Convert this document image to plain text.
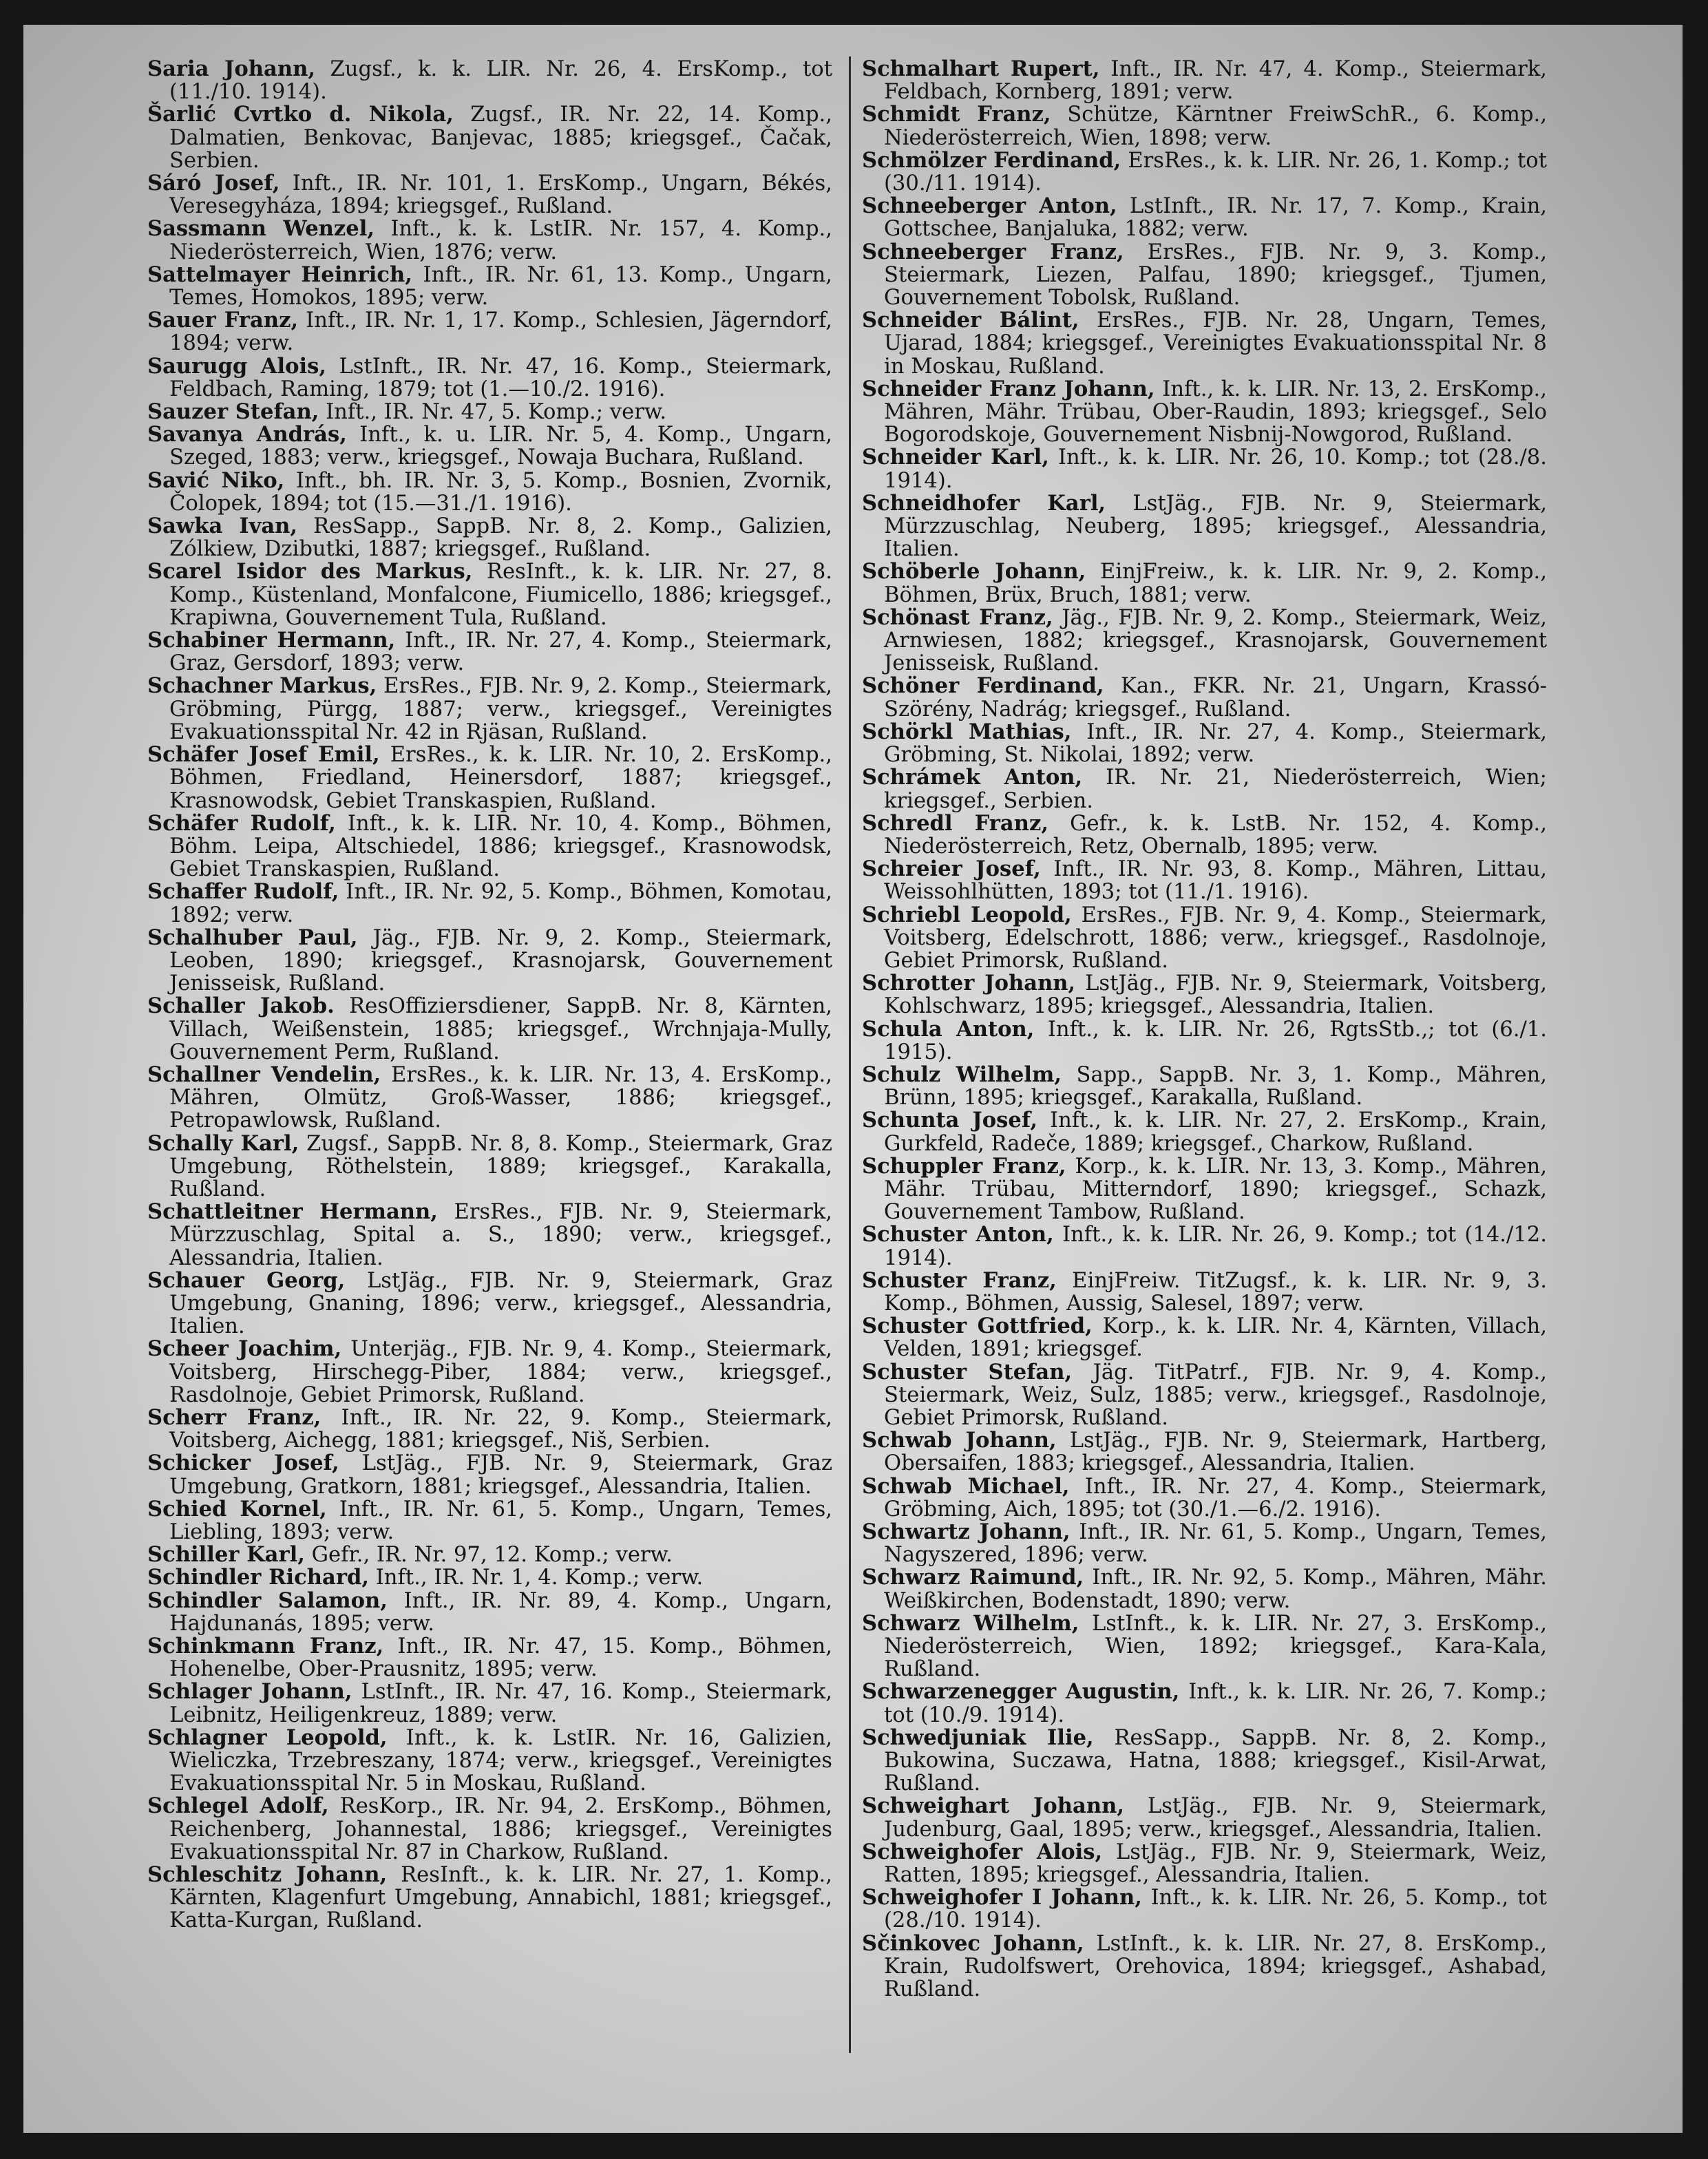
Saria Johann, Zugsf., k. k. LIR. Nr. 26, 4. ErsKomp., tot (11./10. 1914).

Šarlić Cvrtko d. Nikola, Zugsf., IR. Nr. 22, 14. Komp., Dalmatien, Benkovac, Banjevac, 1885; kriegsgef., Čačak, Serbien.

Sáró Josef, Inft., IR. Nr. 101, 1. ErsKomp., Ungarn, Békés, Veresegyháza, 1894; kriegsgef., Rußland.

Sassmann Wenzel, Inft., k. k. LstIR. Nr. 157, 4. Komp., Niederösterreich, Wien, 1876; verw.

Sattelmayer Heinrich, Inft., IR. Nr. 61, 13. Komp., Ungarn, Temes, Homokos, 1895; verw.

Sauer Franz, Inft., IR. Nr. 1, 17. Komp., Schlesien, Jägerndorf, 1894; verw.

Saurugg Alois, LstInft., IR. Nr. 47, 16. Komp., Steiermark, Feldbach, Raming, 1879; tot (1.—10./2. 1916).

Sauzer Stefan, Inft., IR. Nr. 47, 5. Komp.; verw.

Savanya András, Inft., k. u. LIR. Nr. 5, 4. Komp., Ungarn, Szeged, 1883; verw., kriegsgef., Nowaja Buchara, Rußland.

Savić Niko, Inft., bh. IR. Nr. 3, 5. Komp., Bosnien, Zvornik, Čolopek, 1894; tot (15.—31./1. 1916).

Sawka Ivan, ResSapp., SappB. Nr. 8, 2. Komp., Galizien, Zólkiew, Dzibutki, 1887; kriegsgef., Rußland.

Scarel Isidor des Markus, ResInft., k. k. LIR. Nr. 27, 8. Komp., Küstenland, Monfalcone, Fiumicello, 1886; kriegsgef., Krapiwna, Gouvernement Tula, Rußland.

Schabiner Hermann, Inft., IR. Nr. 27, 4. Komp., Steiermark, Graz, Gersdorf, 1893; verw.

Schachner Markus, ErsRes., FJB. Nr. 9, 2. Komp., Steiermark, Gröbming, Pürgg, 1887; verw., kriegsgef., Vereinigtes Evakuationsspital Nr. 42 in Rjäsan, Rußland.

Schäfer Josef Emil, ErsRes., k. k. LIR. Nr. 10, 2. ErsKomp., Böhmen, Friedland, Heinersdorf, 1887; kriegsgef., Krasnowodsk, Gebiet Transkaspien, Rußland.

Schäfer Rudolf, Inft., k. k. LIR. Nr. 10, 4. Komp., Böhmen, Böhm. Leipa, Altschiedel, 1886; kriegsgef., Krasnowodsk, Gebiet Transkaspien, Rußland.

Schaffer Rudolf, Inft., IR. Nr. 92, 5. Komp., Böhmen, Komotau, 1892; verw.

Schalhuber Paul, Jäg., FJB. Nr. 9, 2. Komp., Steiermark, Leoben, 1890; kriegsgef., Krasnojarsk, Gouvernement Jenisseisk, Rußland.

Schaller Jakob. ResOffiziersdiener, SappB. Nr. 8, Kärnten, Villach, Weißenstein, 1885; kriegsgef., Wrchnjaja-Mully, Gouvernement Perm, Rußland.

Schallner Vendelin, ErsRes., k. k. LIR. Nr. 13, 4. ErsKomp., Mähren, Olmütz, Groß-Wasser, 1886; kriegsgef., Petropawlowsk, Rußland.

Schally Karl, Zugsf., SappB. Nr. 8, 8. Komp., Steiermark, Graz Umgebung, Röthelstein, 1889; kriegsgef., Karakalla, Rußland.

Schattleitner Hermann, ErsRes., FJB. Nr. 9, Steiermark, Mürzzuschlag, Spital a. S., 1890; verw., kriegsgef., Alessandria, Italien.

Schauer Georg, LstJäg., FJB. Nr. 9, Steiermark, Graz Umgebung, Gnaning, 1896; verw., kriegsgef., Alessandria, Italien.

Scheer Joachim, Unterjäg., FJB. Nr. 9, 4. Komp., Steiermark, Voitsberg, Hirschegg-Piber, 1884; verw., kriegsgef., Rasdolnoje, Gebiet Primorsk, Rußland.

Scherr Franz, Inft., IR. Nr. 22, 9. Komp., Steiermark, Voitsberg, Aichegg, 1881; kriegsgef., Niš, Serbien.

Schicker Josef, LstJäg., FJB. Nr. 9, Steiermark, Graz Umgebung, Gratkorn, 1881; kriegsgef., Alessandria, Italien.

Schied Kornel, Inft., IR. Nr. 61, 5. Komp., Ungarn, Temes, Liebling, 1893; verw.

Schiller Karl, Gefr., IR. Nr. 97, 12. Komp.; verw.

Schindler Richard, Inft., IR. Nr. 1, 4. Komp.; verw.

Schindler Salamon, Inft., IR. Nr. 89, 4. Komp., Ungarn, Hajdunanás, 1895; verw.

Schinkmann Franz, Inft., IR. Nr. 47, 15. Komp., Böhmen, Hohenelbe, Ober-Prausnitz, 1895; verw.

Schlager Johann, LstInft., IR. Nr. 47, 16. Komp., Steiermark, Leibnitz, Heiligenkreuz, 1889; verw.

Schlagner Leopold, Inft., k. k. LstIR. Nr. 16, Galizien, Wieliczka, Trzebreszany, 1874; verw., kriegsgef., Vereinigtes Evakuationsspital Nr. 5 in Moskau, Rußland.

Schlegel Adolf, ResKorp., IR. Nr. 94, 2. ErsKomp., Böhmen, Reichenberg, Johannestal, 1886; kriegsgef., Vereinigtes Evakuationsspital Nr. 87 in Charkow, Rußland.

Schleschitz Johann, ResInft., k. k. LIR. Nr. 27, 1. Komp., Kärnten, Klagenfurt Umgebung, Annabichl, 1881; kriegsgef., Katta-Kurgan, Rußland.

Schmalhart Rupert, Inft., IR. Nr. 47, 4. Komp., Steiermark, Feldbach, Kornberg, 1891; verw.

Schmidt Franz, Schütze, Kärntner FreiwSchR., 6. Komp., Niederösterreich, Wien, 1898; verw.

Schmölzer Ferdinand, ErsRes., k. k. LIR. Nr. 26, 1. Komp.; tot (30./11. 1914).

Schneeberger Anton, LstInft., IR. Nr. 17, 7. Komp., Krain, Gottschee, Banjaluka, 1882; verw.

Schneeberger Franz, ErsRes., FJB. Nr. 9, 3. Komp., Steiermark, Liezen, Palfau, 1890; kriegsgef., Tjumen, Gouvernement Tobolsk, Rußland.

Schneider Bálint, ErsRes., FJB. Nr. 28, Ungarn, Temes, Ujarad, 1884; kriegsgef., Vereinigtes Evakuationsspital Nr. 8 in Moskau, Rußland.

Schneider Franz Johann, Inft., k. k. LIR. Nr. 13, 2. ErsKomp., Mähren, Mähr. Trübau, Ober-Raudin, 1893; kriegsgef., Selo Bogorodskoje, Gouvernement Nisbnij-Nowgorod, Rußland.

Schneider Karl, Inft., k. k. LIR. Nr. 26, 10. Komp.; tot (28./8. 1914).

Schneidhofer Karl, LstJäg., FJB. Nr. 9, Steiermark, Mürzzuschlag, Neuberg, 1895; kriegsgef., Alessandria, Italien.

Schöberle Johann, EinjFreiw., k. k. LIR. Nr. 9, 2. Komp., Böhmen, Brüx, Bruch, 1881; verw.

Schönast Franz, Jäg., FJB. Nr. 9, 2. Komp., Steiermark, Weiz, Arnwiesen, 1882; kriegsgef., Krasnojarsk, Gouvernement Jenisseisk, Rußland.

Schöner Ferdinand, Kan., FKR. Nr. 21, Ungarn, Krassó-Szörény, Nadrág; kriegsgef., Rußland.

Schörkl Mathias, Inft., IR. Nr. 27, 4. Komp., Steiermark, Gröbming, St. Nikolai, 1892; verw.

Schrámek Anton, IR. Nr. 21, Niederösterreich, Wien; kriegsgef., Serbien.

Schredl Franz, Gefr., k. k. LstB. Nr. 152, 4. Komp., Niederösterreich, Retz, Obernalb, 1895; verw.

Schreier Josef, Inft., IR. Nr. 93, 8. Komp., Mähren, Littau, Weissohlhütten, 1893; tot (11./1. 1916).

Schriebl Leopold, ErsRes., FJB. Nr. 9, 4. Komp., Steiermark, Voitsberg, Edelschrott, 1886; verw., kriegsgef., Rasdolnoje, Gebiet Primorsk, Rußland.

Schrotter Johann, LstJäg., FJB. Nr. 9, Steiermark, Voitsberg, Kohlschwarz, 1895; kriegsgef., Alessandria, Italien.

Schula Anton, Inft., k. k. LIR. Nr. 26, RgtsStb.,; tot (6./1. 1915).

Schulz Wilhelm, Sapp., SappB. Nr. 3, 1. Komp., Mähren, Brünn, 1895; kriegsgef., Karakalla, Rußland.

Schunta Josef, Inft., k. k. LIR. Nr. 27, 2. ErsKomp., Krain, Gurkfeld, Radeče, 1889; kriegsgef., Charkow, Rußland.

Schuppler Franz, Korp., k. k. LIR. Nr. 13, 3. Komp., Mähren, Mähr. Trübau, Mitterndorf, 1890; kriegsgef., Schazk, Gouvernement Tambow, Rußland.

Schuster Anton, Inft., k. k. LIR. Nr. 26, 9. Komp.; tot (14./12. 1914).

Schuster Franz, EinjFreiw. TitZugsf., k. k. LIR. Nr. 9, 3. Komp., Böhmen, Aussig, Salesel, 1897; verw.

Schuster Gottfried, Korp., k. k. LIR. Nr. 4, Kärnten, Villach, Velden, 1891; kriegsgef.

Schuster Stefan, Jäg. TitPatrf., FJB. Nr. 9, 4. Komp., Steiermark, Weiz, Sulz, 1885; verw., kriegsgef., Rasdolnoje, Gebiet Primorsk, Rußland.

Schwab Johann, LstJäg., FJB. Nr. 9, Steiermark, Hartberg, Obersaifen, 1883; kriegsgef., Alessandria, Italien.

Schwab Michael, Inft., IR. Nr. 27, 4. Komp., Steiermark, Gröbming, Aich, 1895; tot (30./1.—6./2. 1916).

Schwartz Johann, Inft., IR. Nr. 61, 5. Komp., Ungarn, Temes, Nagyszered, 1896; verw.

Schwarz Raimund, Inft., IR. Nr. 92, 5. Komp., Mähren, Mähr. Weißkirchen, Bodenstadt, 1890; verw.

Schwarz Wilhelm, LstInft., k. k. LIR. Nr. 27, 3. ErsKomp., Niederösterreich, Wien, 1892; kriegsgef., Kara-Kala, Rußland.

Schwarzenegger Augustin, Inft., k. k. LIR. Nr. 26, 7. Komp.; tot (10./9. 1914).

Schwedjuniak Ilie, ResSapp., SappB. Nr. 8, 2. Komp., Bukowina, Suczawa, Hatna, 1888; kriegsgef., Kisil-Arwat, Rußland.

Schweighart Johann, LstJäg., FJB. Nr. 9, Steiermark, Judenburg, Gaal, 1895; verw., kriegsgef., Alessandria, Italien.

Schweighofer Alois, LstJäg., FJB. Nr. 9, Steiermark, Weiz, Ratten, 1895; kriegsgef., Alessandria, Italien.

Schweighofer I Johann, Inft., k. k. LIR. Nr. 26, 5. Komp., tot (28./10. 1914).

Sčinkovec Johann, LstInft., k. k. LIR. Nr. 27, 8. ErsKomp., Krain, Rudolfswert, Orehovica, 1894; kriegsgef., Ashabad, Rußland.
